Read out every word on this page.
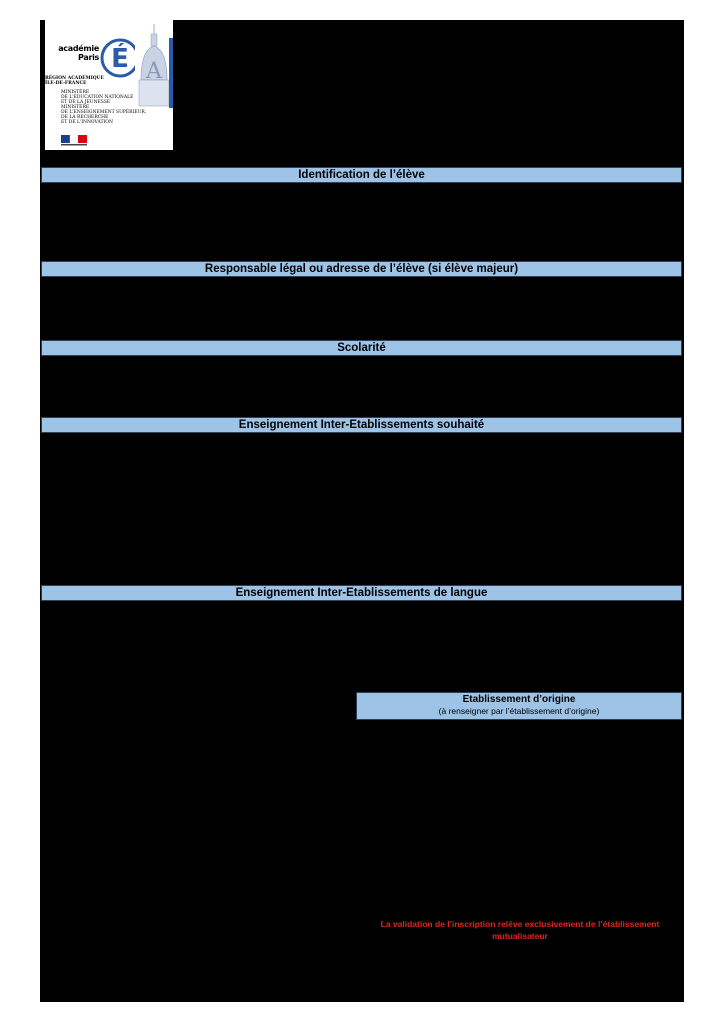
académie
Paris É
RÉGION ACADÉMIQUE
ÎLE-DE-FRANCE
MINISTÈRE
DE L'ÉDUCATION NATIONALE
ET DE LA JEUNESSE
MINISTÈRE
DE L'ENSEIGNEMENT SUPÉRIEUR,
DE LA RECHERCHE
ET DE L'INNOVATION
A
Identification de l’élève
Responsable légal ou adresse de l’élève (si élève majeur)
Scolarité
Enseignement Inter-Etablissements souhaité
Enseignement Inter-Etablissements de langue
Etablissement d’origine
(à renseigner par l’établissement d’origine)
La validation de l’inscription relève exclusivement de l’établissement mutualisateur
